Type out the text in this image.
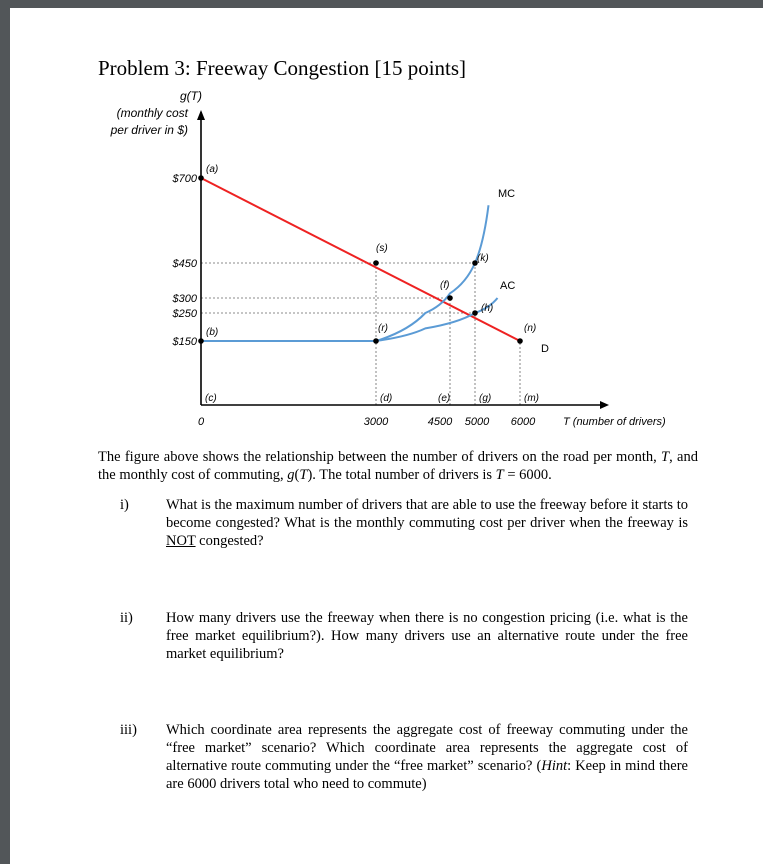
Problem 3: Freeway Congestion [15 points]
g(T)
(monthly cost
per driver in $)
MC
AC
D
$700
$450
$300
$250
$150
0	3000	4500 5000 6000	T (number of drivers)
(a)
(b)
(c)	(d)	(e)
(f)
(g)
(h)
(k)
(m)
(n)
(r)
(s)
The figure above shows the relationship between the number of drivers on the road per month, T, and the monthly cost of commuting, g(T). The total number of drivers is T = 6000.
i)	What is the maximum number of drivers that are able to use the freeway before it starts to become congested? What is the monthly commuting cost per driver when the freeway is NOT congested?
ii) How many drivers use the freeway when there is no congestion pricing (i.e. what is the free market equilibrium?). How many drivers use an alternative route under the free market equilibrium?
iii) Which coordinate area represents the aggregate cost of freeway commuting under the “free market” scenario? Which coordinate area represents the aggregate cost of alternative route commuting under the “free market” scenario? (Hint: Keep in mind there are 6000 drivers total who need to commute)
